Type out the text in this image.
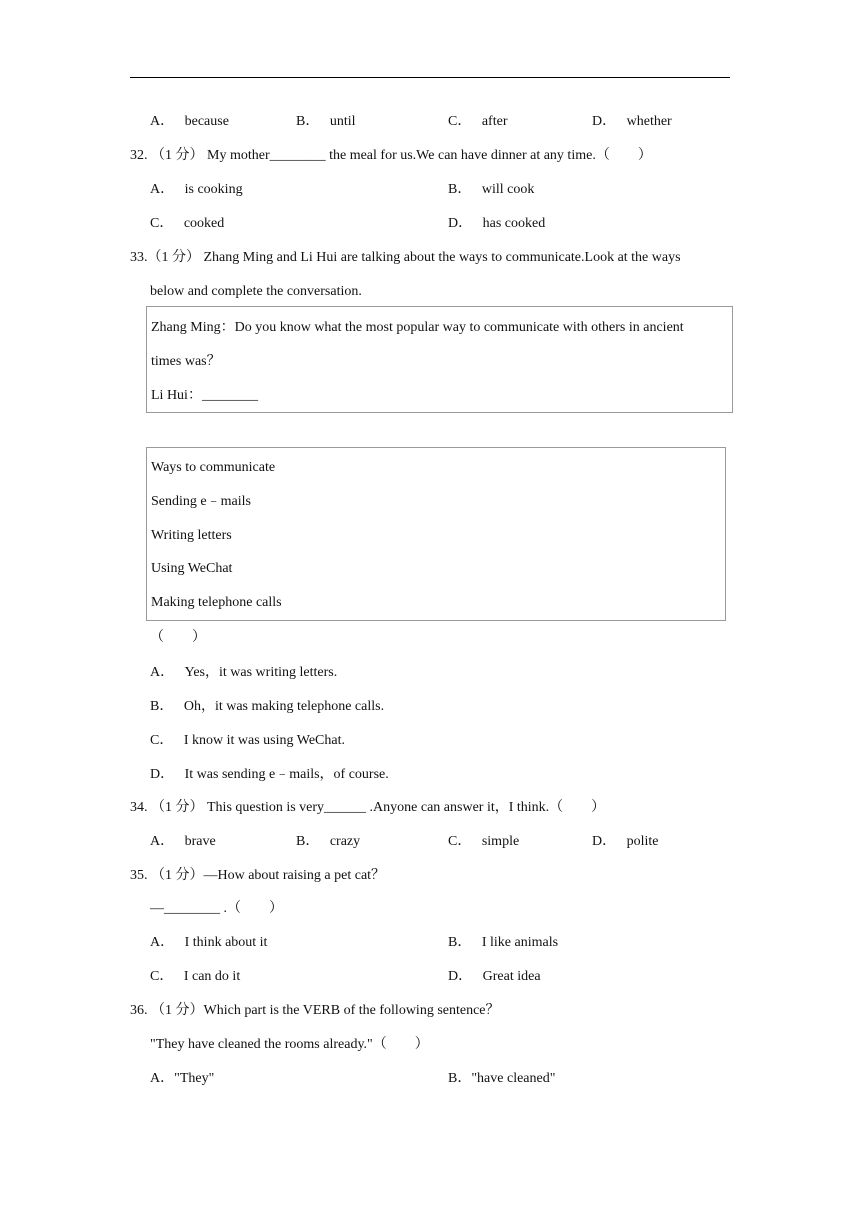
A． because	B． until	C． after	D． whether
32. （1 分） My mother________ the meal for us.We can have dinner at any time.（　　）
A． is cooking	B． will cook
C． cooked	D． has cooked
33.（1 分） Zhang Ming and Li Hui are talking about the ways to communicate.Look at the ways
below and complete the conversation.
Zhang Ming：Do you know what the most popular way to communicate with others in ancient
times was？
Li Hui：________
Ways to communicate
Sending e﹣mails
Writing letters
Using WeChat
Making telephone calls
（　　）
A． Yes，it was writing letters.
B． Oh，it was making telephone calls.
C． I know it was using WeChat.
D． It was sending e﹣mails，of course.
34. （1 分） This question is very______ .Anyone can answer it，I think.（　　）
A． brave	B． crazy	C． simple	D． polite
35. （1 分）—How about raising a pet cat？
—________ .（　　）
A． I think about it	B． I like animals
C． I can do it	D． Great idea
36. （1 分）Which part is the VERB of the following sentence？
"They have cleaned the rooms already."（　　）
A．"They"	B．"have cleaned"
